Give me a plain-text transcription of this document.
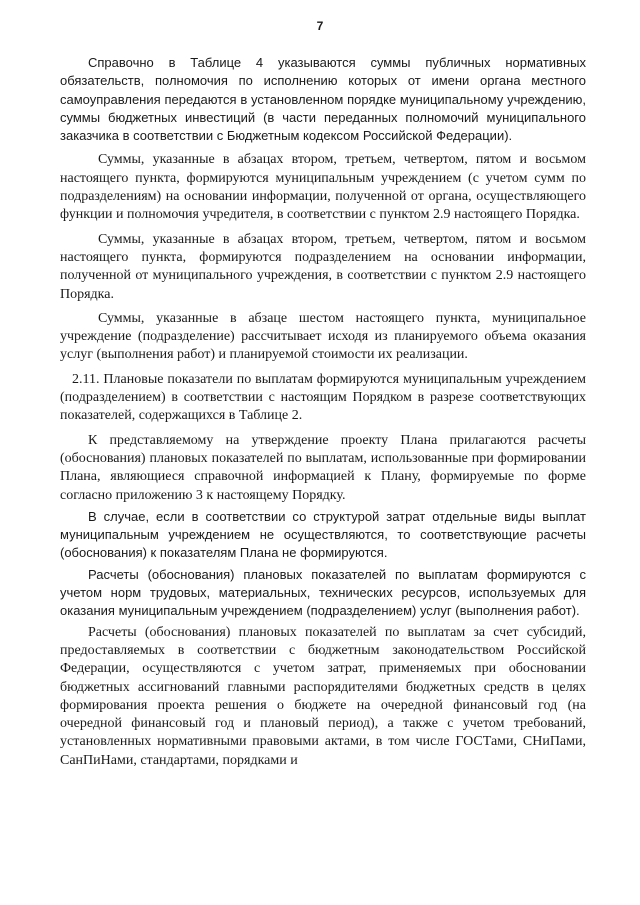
7

Справочно в Таблице 4 указываются суммы публичных нормативных обязательств, полномочия по исполнению которых от имени органа местного самоуправления передаются в установленном порядке муниципальному учреждению, суммы бюджетных инвестиций (в части переданных полномочий муниципального заказчика в соответствии с Бюджетным кодексом Российской Федерации).

Суммы, указанные в абзацах втором, третьем, четвертом, пятом и восьмом настоящего пункта, формируются муниципальным учреждением (с учетом сумм по подразделениям) на основании информации, полученной от органа, осуществляющего функции и полномочия учредителя, в соответствии с пунктом 2.9 настоящего Порядка.

Суммы, указанные в абзацах втором, третьем, четвертом, пятом и восьмом настоящего пункта, формируются подразделением на основании информации, полученной от муниципального учреждения, в соответствии с пунктом 2.9 настоящего Порядка.

Суммы, указанные в абзаце шестом настоящего пункта, муниципальное учреждение (подразделение) рассчитывает исходя из планируемого объема оказания услуг (выполнения работ) и планируемой стоимости их реализации.

2.11. Плановые показатели по выплатам формируются муниципальным учреждением (подразделением) в соответствии с настоящим Порядком в разрезе соответствующих показателей, содержащихся в Таблице 2.

К представляемому на утверждение проекту Плана прилагаются расчеты (обоснования) плановых показателей по выплатам, использованные при формировании Плана, являющиеся справочной информацией к Плану, формируемые по форме согласно приложению 3 к настоящему Порядку.

В случае, если в соответствии со структурой затрат отдельные виды выплат муниципальным учреждением не осуществляются, то соответствующие расчеты (обоснования) к показателям Плана не формируются.

Расчеты (обоснования) плановых показателей по выплатам формируются с учетом норм трудовых, материальных, технических ресурсов, используемых для оказания муниципальным учреждением (подразделением) услуг (выполнения работ).

Расчеты (обоснования) плановых показателей по выплатам за счет субсидий, предоставляемых в соответствии с бюджетным законодательством Российской Федерации, осуществляются с учетом затрат, применяемых при обосновании бюджетных ассигнований главными распорядителями бюджетных средств в целях формирования проекта решения о бюджете на очередной финансовый год (на очередной финансовый год и плановый период), а также с учетом требований, установленных нормативными правовыми актами, в том числе ГОСТами, СНиПами, СанПиНами, стандартами, порядками и
